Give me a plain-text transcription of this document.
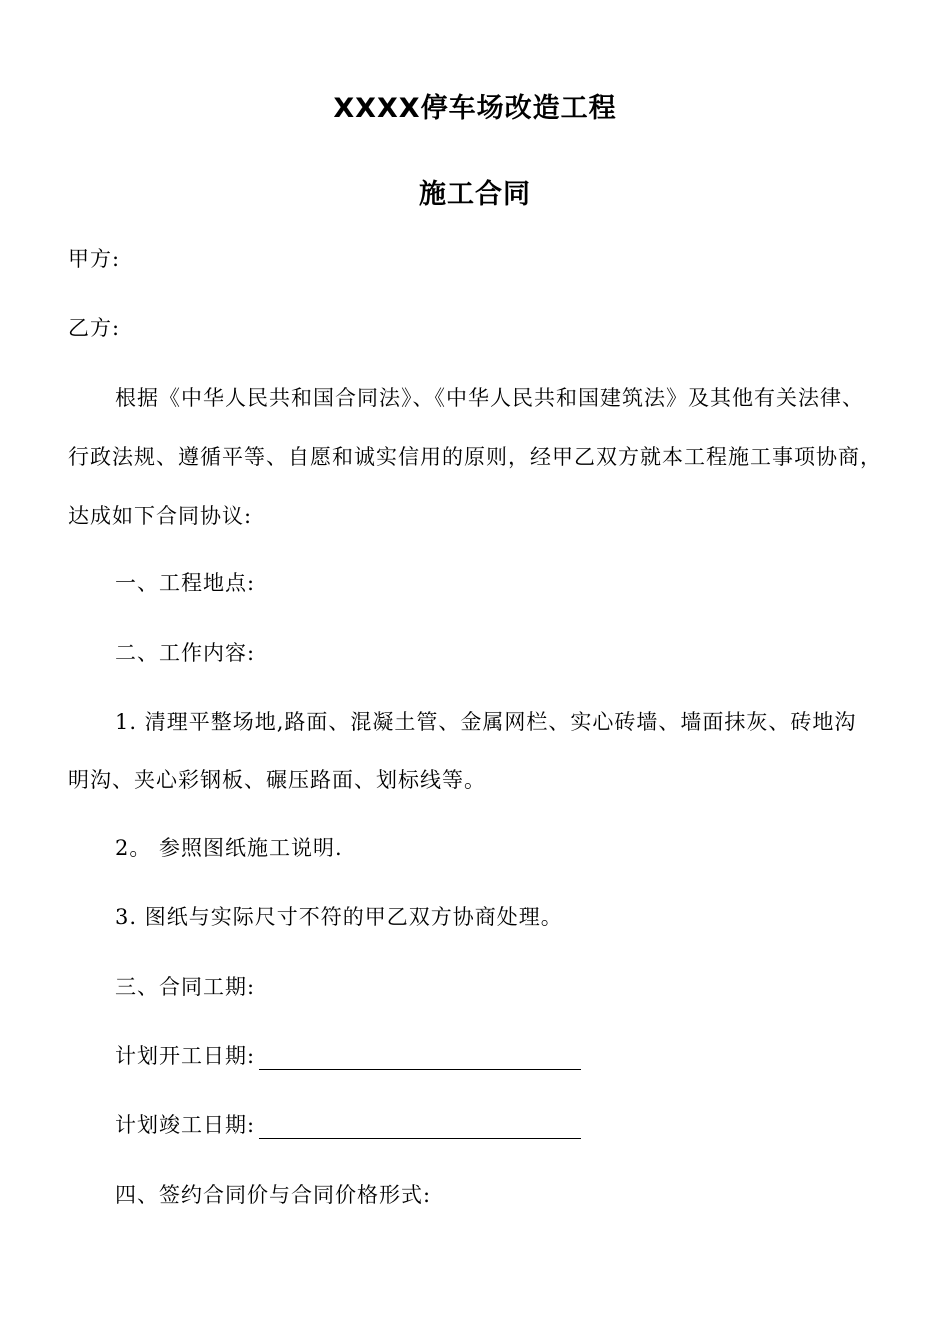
XXXX停车场改造工程
施工合同
甲方:
乙方:
根据《中华人民共和国合同法》、《中华人民共和国建筑法》及其他有关法律、
行政法规、遵循平等、自愿和诚实信用的原则，经甲乙双方就本工程施工事项协商，
达成如下合同协议:
一、工程地点:
二、工作内容:
1. 清理平整场地,路面、混凝土管、金属网栏、实心砖墙、墙面抹灰、砖地沟
明沟、夹心彩钢板、碾压路面、划标线等。
2。 参照图纸施工说明.
3. 图纸与实际尺寸不符的甲乙双方协商处理。
三、合同工期:
计划开工日期:
计划竣工日期:
四、签约合同价与合同价格形式:
